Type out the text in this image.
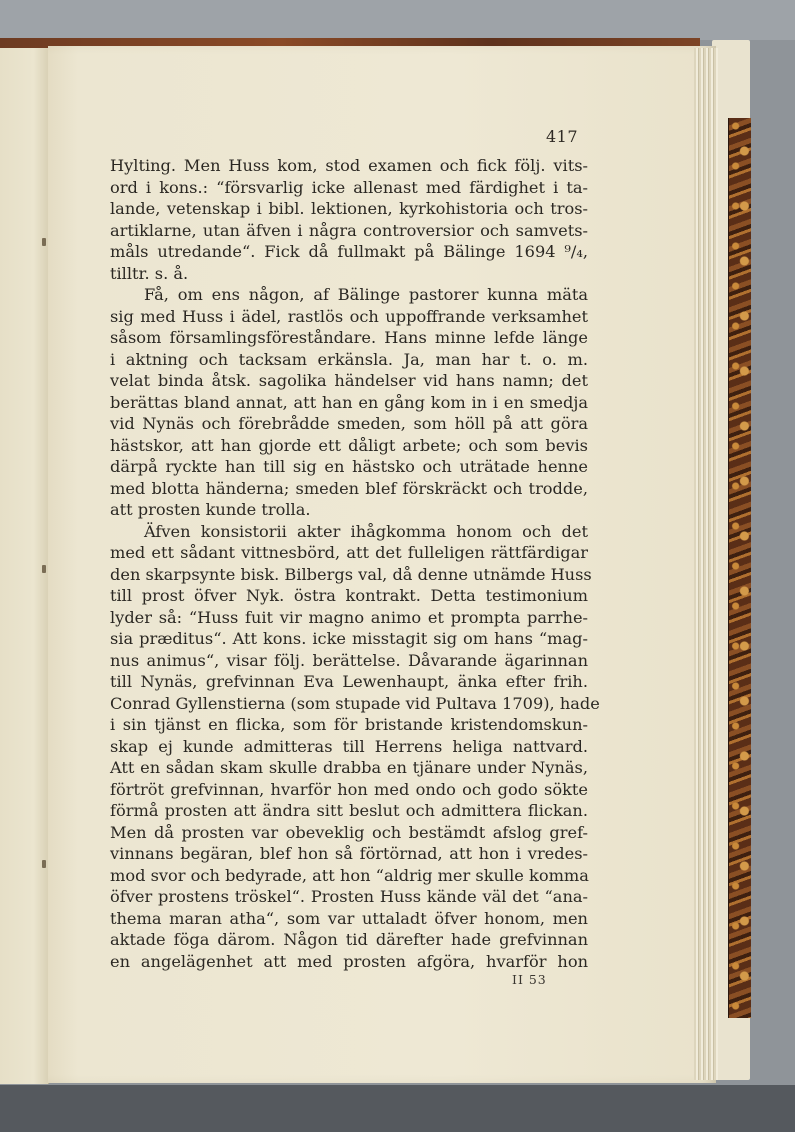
417
Hylting. Men Huss kom, stod examen och fick följ. vits-
ord i kons.: “försvarlig icke allenast med färdighet i ta-
lande, vetenskap i bibl. lektionen, kyrkohistoria och tros-
artiklarne, utan äfven i några controversior och samvets-
måls utredande“. Fick då fullmakt på Bälinge 1694 ⁹/₄,
tilltr. s. å.
Få, om ens någon, af Bälinge pastorer kunna mäta
sig med Huss i ädel, rastlös och uppoffrande verksamhet
såsom församlingsföreståndare. Hans minne lefde länge
i aktning och tacksam erkänsla. Ja, man har t. o. m.
velat binda åtsk. sagolika händelser vid hans namn; det
berättas bland annat, att han en gång kom in i en smedja
vid Nynäs och förebrådde smeden, som höll på att göra
hästskor, att han gjorde ett dåligt arbete; och som bevis
därpå ryckte han till sig en hästsko och uträtade henne
med blotta händerna; smeden blef förskräckt och trodde,
att prosten kunde trolla.
Äfven konsistorii akter ihågkomma honom och det
med ett sådant vittnesbörd, att det fulleligen rättfärdigar
den skarpsynte bisk. Bilbergs val, då denne utnämde Huss
till prost öfver Nyk. östra kontrakt. Detta testimonium
lyder så: “Huss fuit vir magno animo et prompta parrhe-
sia præditus“. Att kons. icke misstagit sig om hans “mag-
nus animus“, visar följ. berättelse. Dåvarande ägarinnan
till Nynäs, grefvinnan Eva Lewenhaupt, änka efter frih.
Conrad Gyllenstierna (som stupade vid Pultava 1709), hade
i sin tjänst en flicka, som för bristande kristendomskun-
skap ej kunde admitteras till Herrens heliga nattvard.
Att en sådan skam skulle drabba en tjänare under Nynäs,
förtröt grefvinnan, hvarför hon med ondo och godo sökte
förmå prosten att ändra sitt beslut och admittera flickan.
Men då prosten var obeveklig och bestämdt afslog gref-
vinnans begäran, blef hon så förtörnad, att hon i vredes-
mod svor och bedyrade, att hon “aldrig mer skulle komma
öfver prostens tröskel“. Prosten Huss kände väl det “ana-
thema maran atha“, som var uttaladt öfver honom, men
aktade föga därom. Någon tid därefter hade grefvinnan
en angelägenhet att med prosten afgöra, hvarför hon
II 53
